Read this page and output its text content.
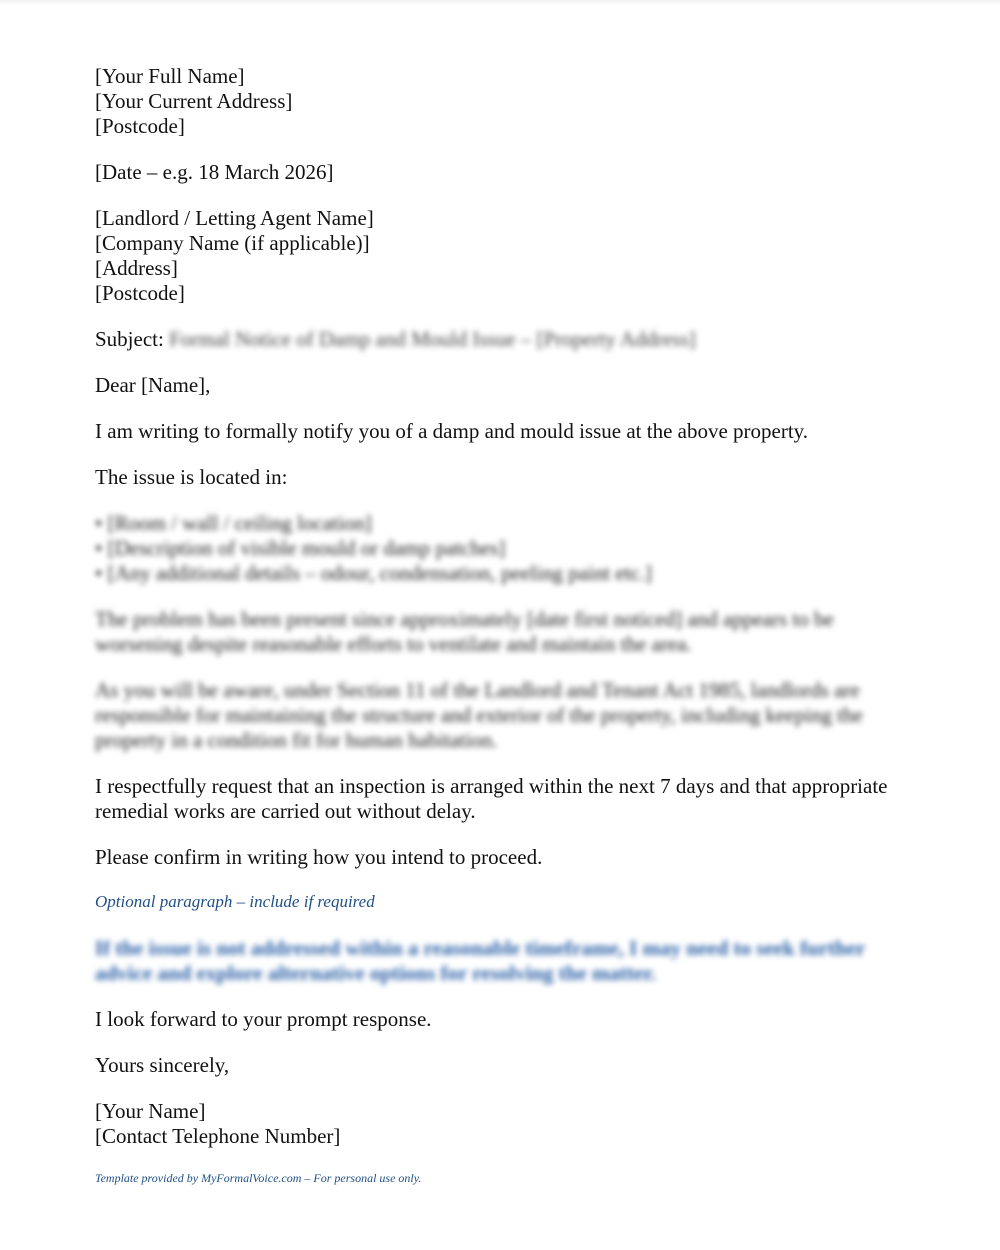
[Your Full Name]
[Your Current Address]
[Postcode]
[Date – e.g. 18 March 2026]
[Landlord / Letting Agent Name]
[Company Name (if applicable)]
[Address]
[Postcode]
Subject: Formal Notice of Damp and Mould Issue – [Property Address]

Dear [Name],

I am writing to formally notify you of a damp and mould issue at the above property.

The issue is located in:

• [Room / wall / ceiling location]
• [Description of visible mould or damp patches]
• [Any additional details – odour, condensation, peeling paint etc.]

The problem has been present since approximately [date first noticed] and appears to be worsening despite reasonable efforts to ventilate and maintain the area.

As you will be aware, under Section 11 of the Landlord and Tenant Act 1985, landlords are responsible for maintaining the structure and exterior of the property, including keeping the property in a condition fit for human habitation.

I respectfully request that an inspection is arranged within the next 7 days and that appropriate remedial works are carried out without delay.

Please confirm in writing how you intend to proceed.

Optional paragraph – include if required

If the issue is not addressed within a reasonable timeframe, I may need to seek further advice and explore alternative options for resolving the matter.

I look forward to your prompt response.

Yours sincerely,

[Your Name]
[Contact Telephone Number]
Template provided by MyFormalVoice.com – For personal use only.
